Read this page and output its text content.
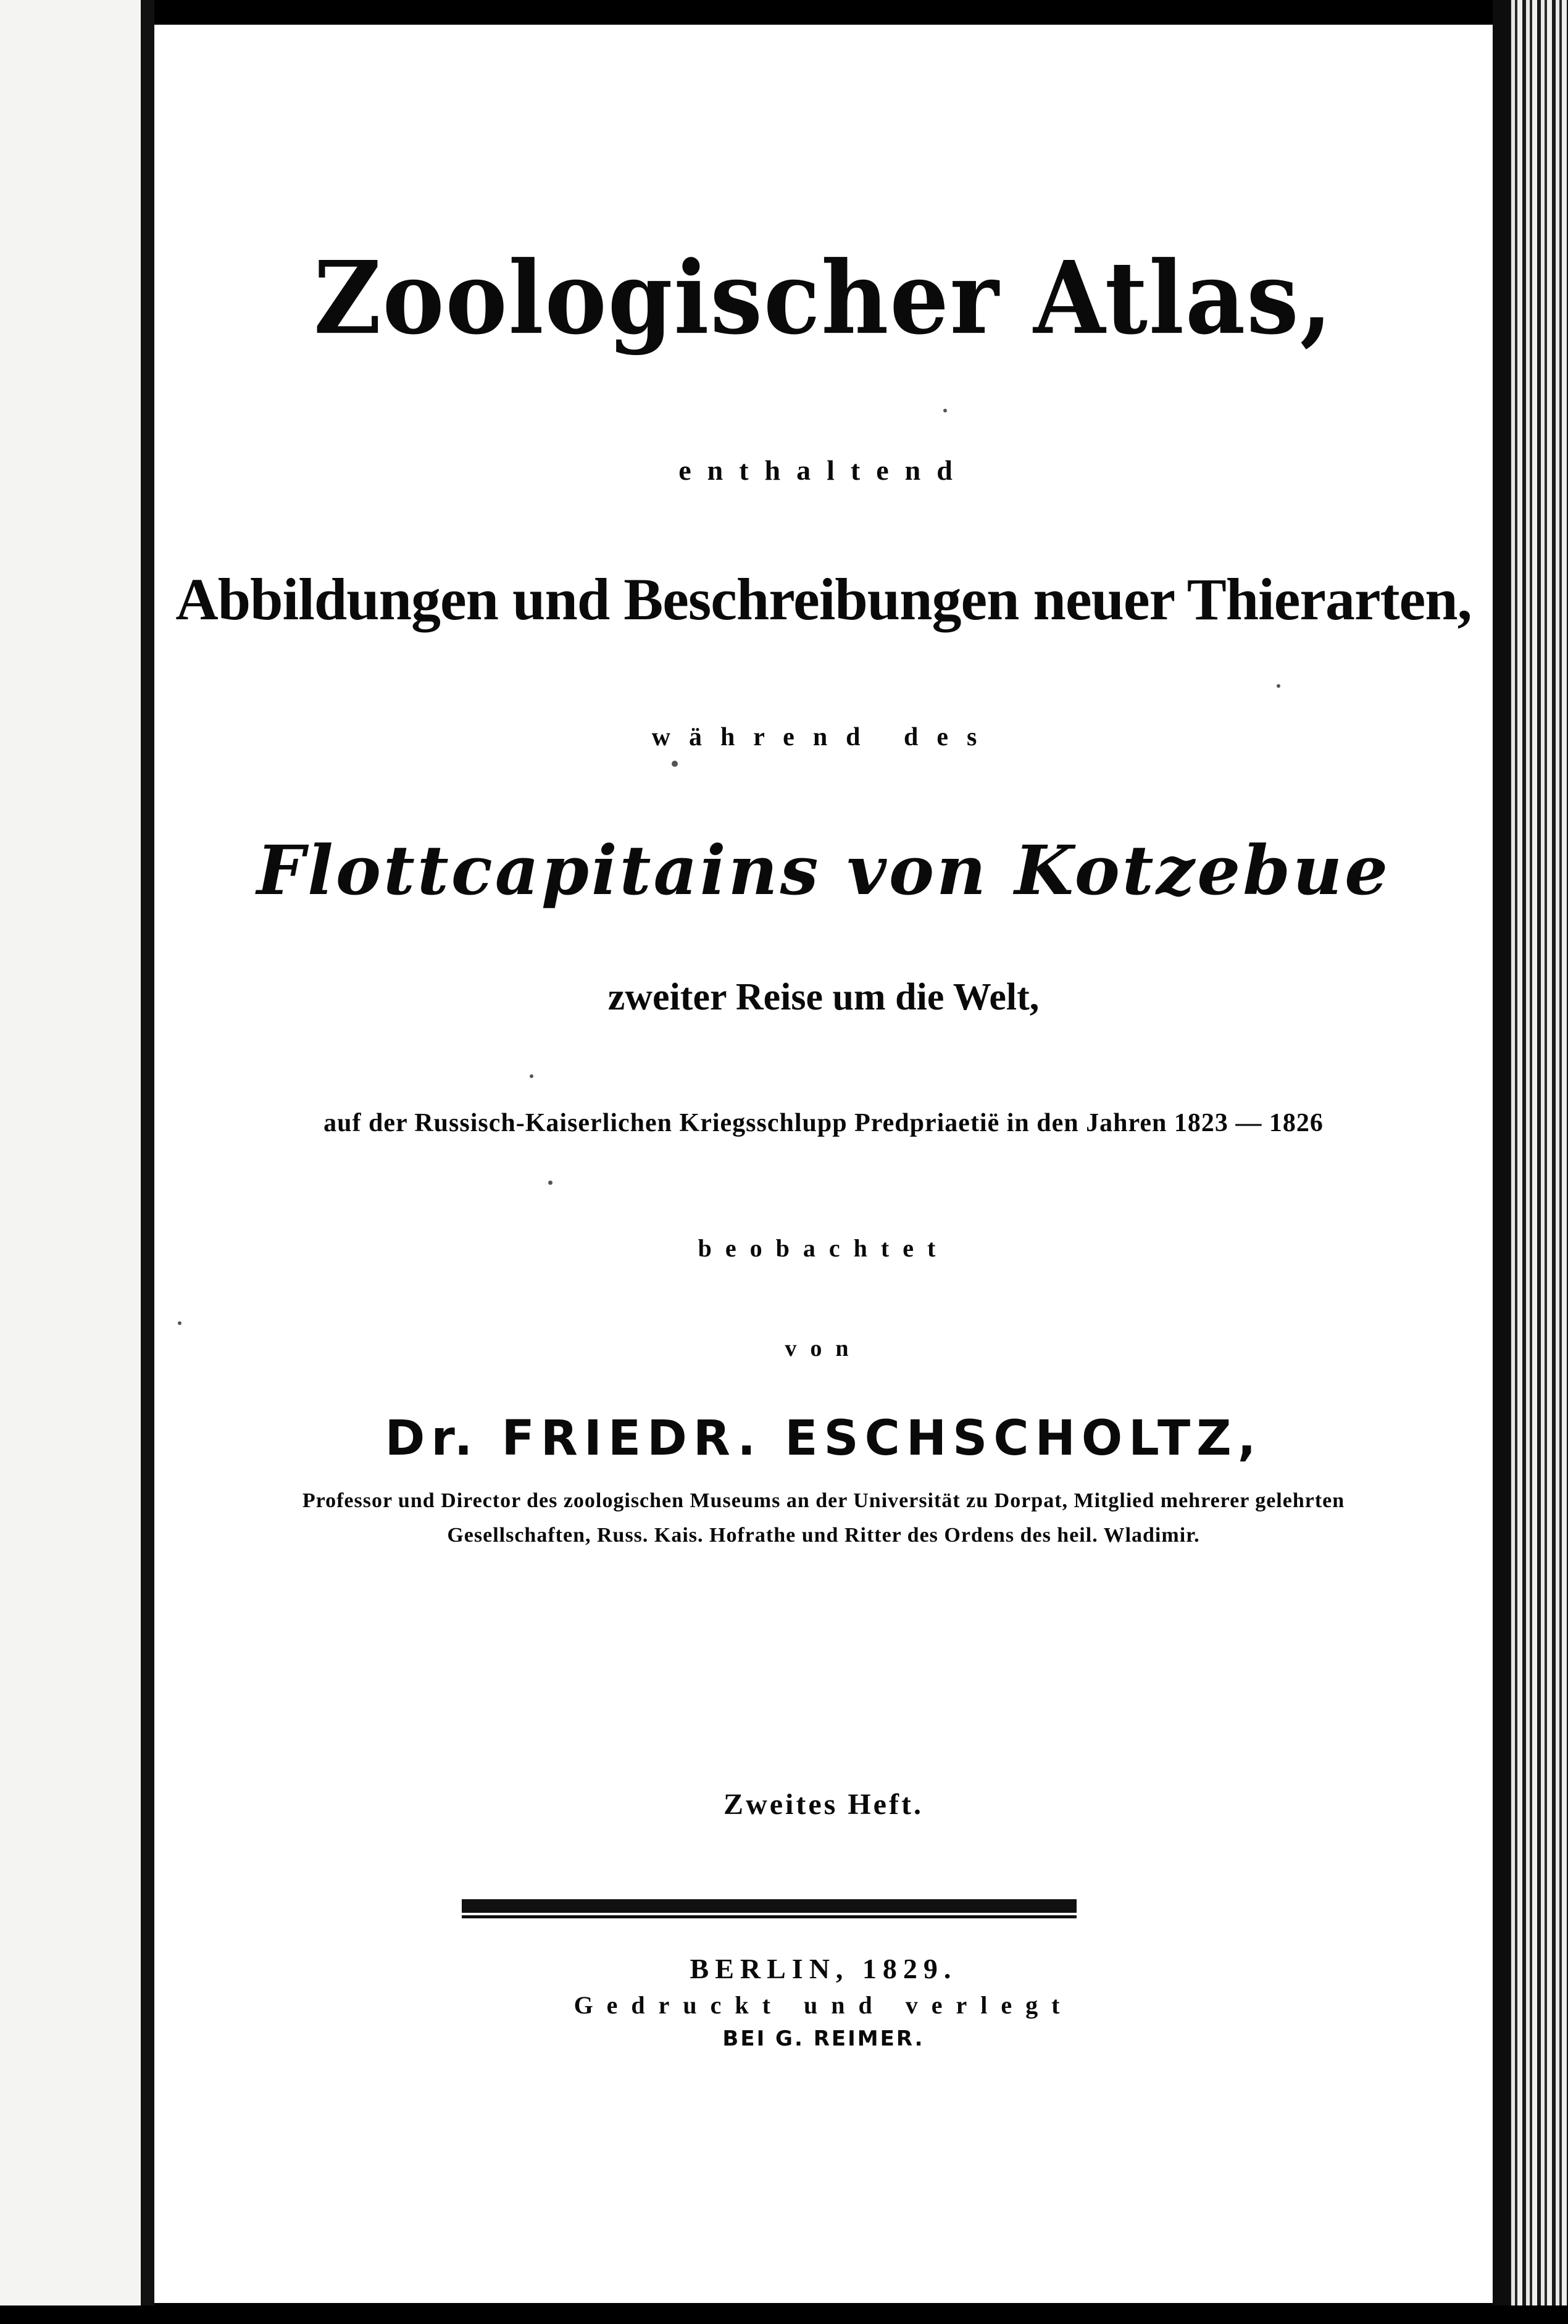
Zoologischer Atlas,
enthaltend
Abbildungen und Beschreibungen neuer Thierarten,
während des
Flottcapitains von Kotzebue
zweiter Reise um die Welt,
auf der Russisch-Kaiserlichen Kriegsschlupp Predpriaetië in den Jahren 1823 — 1826
beobachtet
von
Dr. FRIEDR. ESCHSCHOLTZ,
Professor und Director des zoologischen Museums an der Universität zu Dorpat, Mitglied mehrerer gelehrten
Gesellschaften, Russ. Kais. Hofrathe und Ritter des Ordens des heil. Wladimir.
Zweites Heft.
BERLIN, 1829.
Gedruckt und verlegt
BEI G. REIMER.
